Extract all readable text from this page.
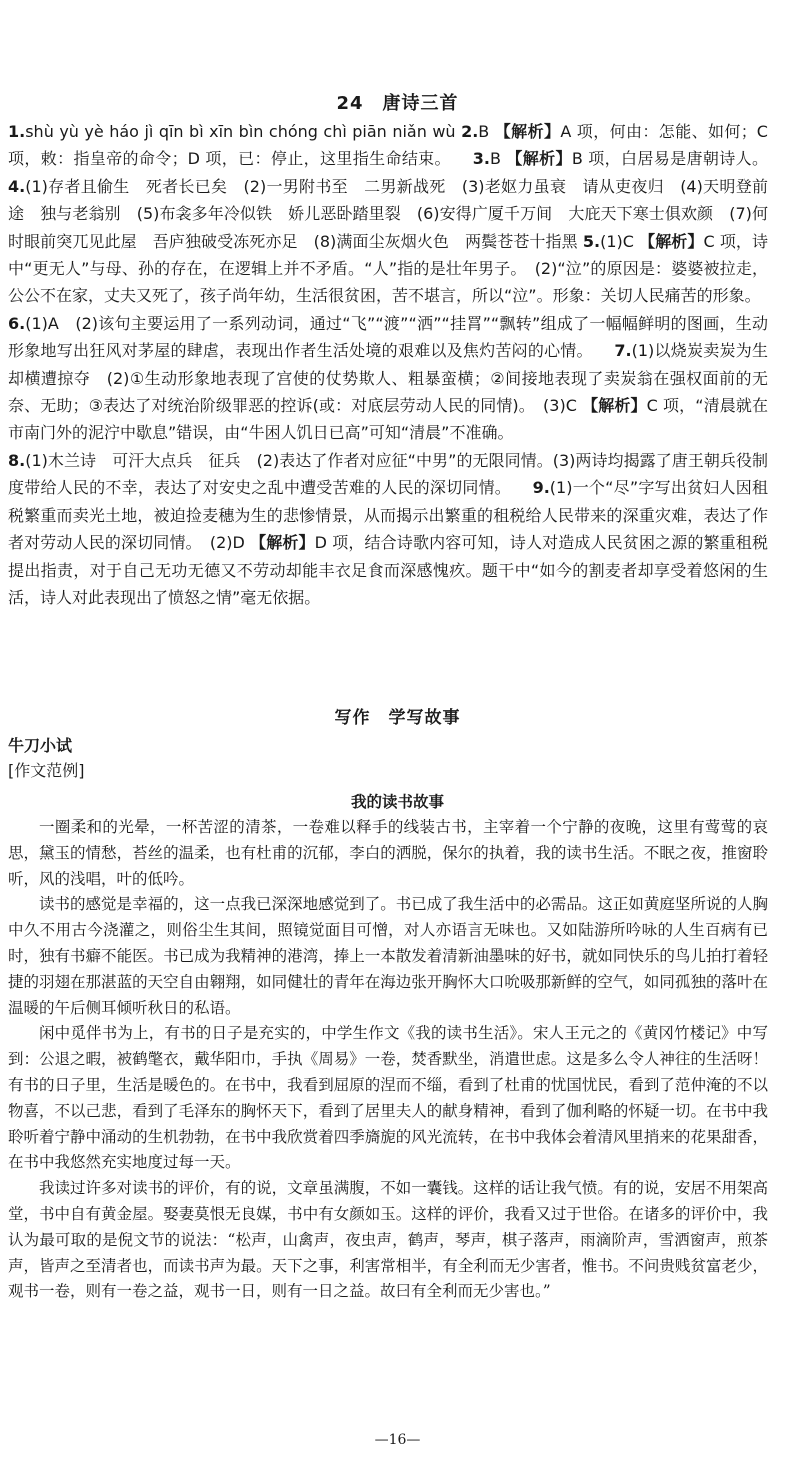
24　唐诗三首
1.shù yù yè háo jì qīn bì xīn bìn chóng chì piān niǎn wù 2.B 【解析】A 项，何由：怎能、如何；C 项，敕：指皇帝的命令；D 项，已：停止，这里指生命结束。 　 3.B 【解析】B 项，白居易是唐朝诗人。 　4.(1)存者且偷生　死者长已矣　(2)一男附书至　二男新战死　(3)老妪力虽衰　请从吏夜归　(4)天明登前途　独与老翁别　(5)布衾多年冷似铁　娇儿恶卧踏里裂　(6)安得广厦千万间　大庇天下寒士俱欢颜　(7)何时眼前突兀见此屋　吾庐独破受冻死亦足　(8)满面尘灰烟火色　两鬓苍苍十指黑 5.(1)C 【解析】C 项，诗中“更无人”与母、孙的存在，在逻辑上并不矛盾。“人”指的是壮年男子。　(2)“泣”的原因是：婆婆被拉走，公公不在家，丈夫又死了，孩子尚年幼，生活很贫困，苦不堪言，所以“泣”。形象：关切人民痛苦的形象。
6.(1)A　(2)该句主要运用了一系列动词，通过“飞”“渡”“洒”“挂罥”“飘转”组成了一幅幅鲜明的图画，生动形象地写出狂风对茅屋的肆虐，表现出作者生活处境的艰难以及焦灼苦闷的心情。 　 7.(1)以烧炭卖炭为生却横遭掠夺　(2)①生动形象地表现了宫使的仗势欺人、粗暴蛮横；②间接地表现了卖炭翁在强权面前的无奈、无助；③表达了对统治阶级罪恶的控诉(或：对底层劳动人民的同情)。　(3)C 【解析】C 项，“清晨就在市南门外的泥泞中歇息”错误，由“牛困人饥日已高”可知“清晨”不准确。
8.(1)木兰诗　可汗大点兵　征兵　(2)表达了作者对应征“中男”的无限同情。(3)两诗均揭露了唐王朝兵役制度带给人民的不幸，表达了对安史之乱中遭受苦难的人民的深切同情。 　 9.(1)一个“尽”字写出贫妇人因租税繁重而卖光土地，被迫捡麦穗为生的悲惨情景，从而揭示出繁重的租税给人民带来的深重灾难，表达了作者对劳动人民的深切同情。　(2)D 【解析】D 项，结合诗歌内容可知，诗人对造成人民贫困之源的繁重租税提出指责，对于自己无功无德又不劳动却能丰衣足食而深感愧疚。题干中“如今的割麦者却享受着悠闲的生活，诗人对此表现出了愤怒之情”毫无依据。
写作　学写故事
牛刀小试
[作文范例]
我的读书故事

一圈柔和的光晕，一杯苦涩的清茶，一卷难以释手的线装古书，主宰着一个宁静的夜晚，这里有莺莺的哀思，黛玉的情愁，苔丝的温柔，也有杜甫的沉郁，李白的洒脱，保尔的执着，我的读书生活。不眠之夜，推窗聆听，风的浅唱，叶的低吟。

读书的感觉是幸福的，这一点我已深深地感觉到了。书已成了我生活中的必需品。这正如黄庭坚所说的人胸中久不用古今浇灌之，则俗尘生其间，照镜觉面目可憎，对人亦语言无味也。又如陆游所吟咏的人生百病有已时，独有书癖不能医。书已成为我精神的港湾，捧上一本散发着清新油墨味的好书，就如同快乐的鸟儿拍打着轻捷的羽翅在那湛蓝的天空自由翱翔，如同健壮的青年在海边张开胸怀大口吮吸那新鲜的空气，如同孤独的落叶在温暖的午后侧耳倾听秋日的私语。

闲中觅伴书为上，有书的日子是充实的，中学生作文《我的读书生活》。宋人王元之的《黄冈竹楼记》中写到：公退之暇，被鹤氅衣，戴华阳巾，手执《周易》一卷，焚香默坐，消遣世虑。这是多么令人神往的生活呀！有书的日子里，生活是暖色的。在书中，我看到屈原的涅而不缁，看到了杜甫的忧国忧民，看到了范仲淹的不以物喜，不以己悲，看到了毛泽东的胸怀天下，看到了居里夫人的献身精神，看到了伽利略的怀疑一切。在书中我聆听着宁静中涌动的生机勃勃，在书中我欣赏着四季旖旎的风光流转，在书中我体会着清风里捎来的花果甜香，在书中我悠然充实地度过每一天。

我读过许多对读书的评价，有的说，文章虽满腹，不如一囊钱。这样的话让我气愤。有的说，安居不用架高堂，书中自有黄金屋。娶妻莫恨无良媒，书中有女颜如玉。这样的评价，我看又过于世俗。在诸多的评价中，我认为最可取的是倪文节的说法：“松声，山禽声，夜虫声，鹤声，琴声，棋子落声，雨滴阶声，雪洒窗声，煎茶声，皆声之至清者也，而读书声为最。天下之事，利害常相半，有全利而无少害者，惟书。不问贵贱贫富老少，观书一卷，则有一卷之益，观书一日，则有一日之益。故曰有全利而无少害也。”

—16—
